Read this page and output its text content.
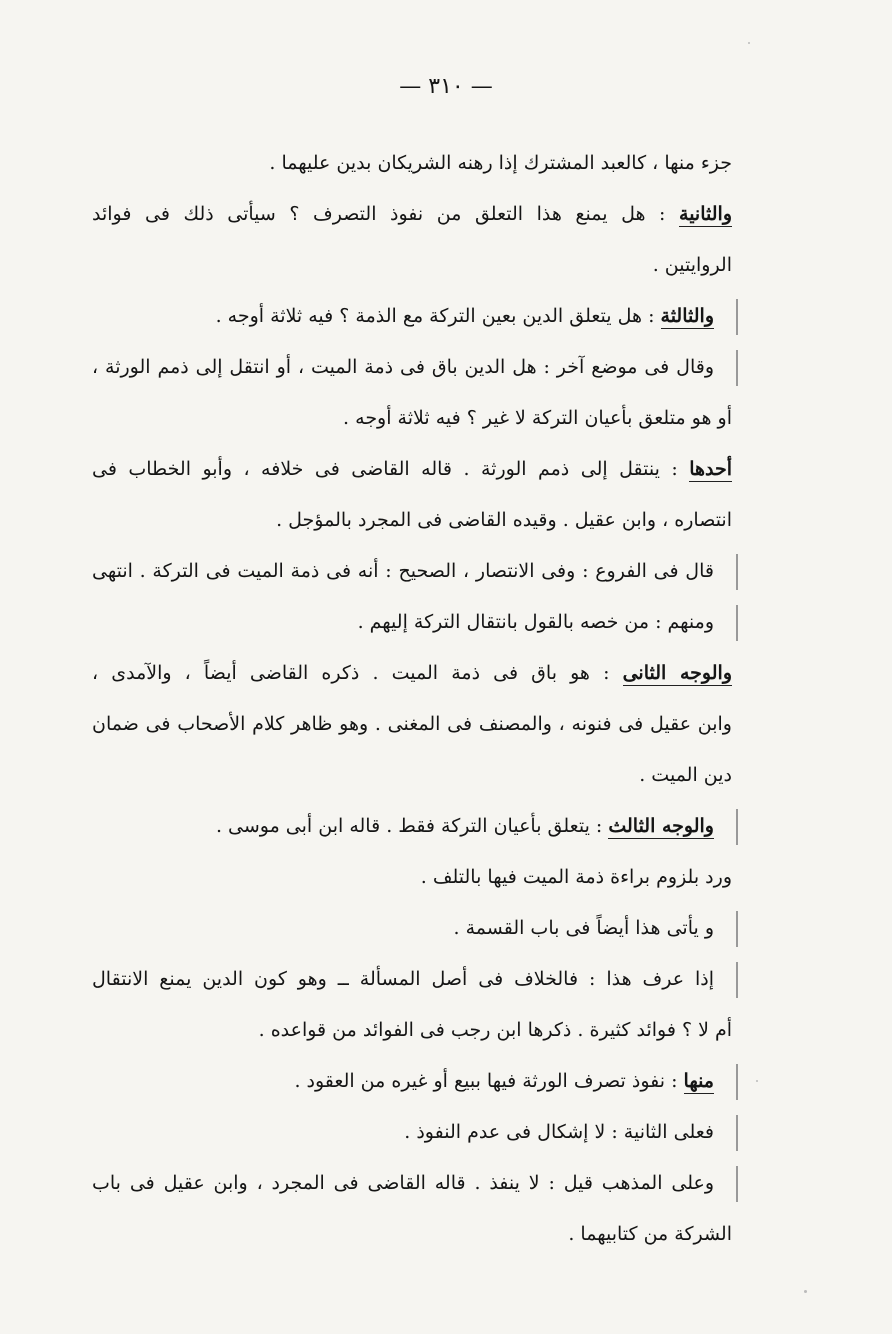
— ٣١٠ —
جزء منها ، كالعبد المشترك إذا رهنه الشريكان بدين عليهما .
والثانية : هل يمنع هذا التعلق من نفوذ التصرف ؟ سيأتى ذلك فى فوائد
الروايتين .
والثالثة : هل يتعلق الدين بعين التركة مع الذمة ؟ فيه ثلاثة أوجه .
وقال فى موضع آخر : هل الدين باق فى ذمة الميت ، أو انتقل إلى ذمم الورثة ،
أو هو متلعق بأعيان التركة لا غير ؟ فيه ثلاثة أوجه .
أحدها : ينتقل إلى ذمم الورثة . قاله القاضى فى خلافه ، وأبو الخطاب فى
انتصاره ، وابن عقيل . وقيده القاضى فى المجرد بالمؤجل .
قال فى الفروع : وفى الانتصار ، الصحيح : أنه فى ذمة الميت فى التركة . انتهى
ومنهم : من خصه بالقول بانتقال التركة إليهم .
والوجه الثانى : هو باق فى ذمة الميت . ذكره القاضى أيضاً ، والآمدى ،
وابن عقيل فى فنونه ، والمصنف فى المغنى . وهو ظاهر كلام الأصحاب فى ضمان
دين الميت .
والوجه الثالث : يتعلق بأعيان التركة فقط . قاله ابن أبى موسى .
ورد بلزوم براءة ذمة الميت فيها بالتلف .
و يأتى هذا أيضاً فى باب القسمة .
إذا عرف هذا : فالخلاف فى أصل المسألة ــ وهو كون الدين يمنع الانتقال
أم لا ؟ فوائد كثيرة . ذكرها ابن رجب فى الفوائد من قواعده .
منها : نفوذ تصرف الورثة فيها ببيع أو غيره من العقود .
فعلى الثانية : لا إشكال فى عدم النفوذ .
وعلى المذهب قيل : لا ينفذ . قاله القاضى فى المجرد ، وابن عقيل فى باب
الشركة من كتابيهما .
